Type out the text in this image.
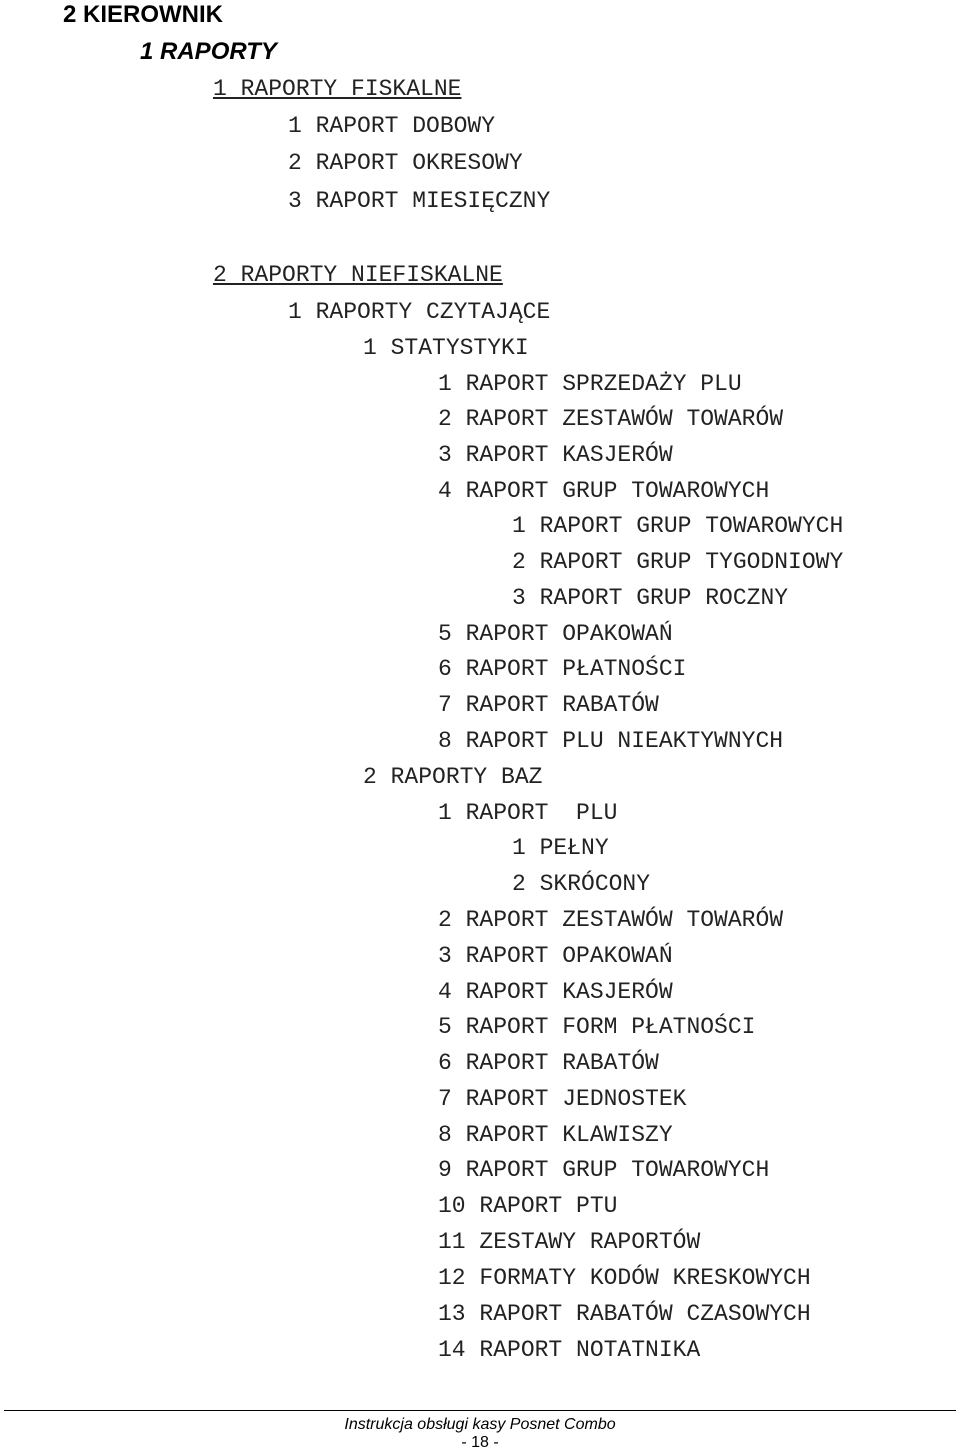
2 KIEROWNIK
1 RAPORTY
1 RAPORTY FISKALNE
1 RAPORT DOBOWY
2 RAPORT OKRESOWY
3 RAPORT MIESIĘCZNY
2 RAPORTY NIEFISKALNE
1 RAPORTY CZYTAJĄCE
1 STATYSTYKI
1 RAPORT SPRZEDAŻY PLU
2 RAPORT ZESTAWÓW TOWARÓW
3 RAPORT KASJERÓW
4 RAPORT GRUP TOWAROWYCH
1 RAPORT GRUP TOWAROWYCH
2 RAPORT GRUP TYGODNIOWY
3 RAPORT GRUP ROCZNY
5 RAPORT OPAKOWAŃ
6 RAPORT PŁATNOŚCI
7 RAPORT RABATÓW
8 RAPORT PLU NIEAKTYWNYCH
2 RAPORTY BAZ
1 RAPORT  PLU
1 PEŁNY
2 SKRÓCONY
2 RAPORT ZESTAWÓW TOWARÓW
3 RAPORT OPAKOWAŃ
4 RAPORT KASJERÓW
5 RAPORT FORM PŁATNOŚCI
6 RAPORT RABATÓW
7 RAPORT JEDNOSTEK
8 RAPORT KLAWISZY
9 RAPORT GRUP TOWAROWYCH
10 RAPORT PTU
11 ZESTAWY RAPORTÓW
12 FORMATY KODÓW KRESKOWYCH
13 RAPORT RABATÓW CZASOWYCH
14 RAPORT NOTATNIKA
Instrukcja obsługi kasy Posnet Combo
- 18 -
